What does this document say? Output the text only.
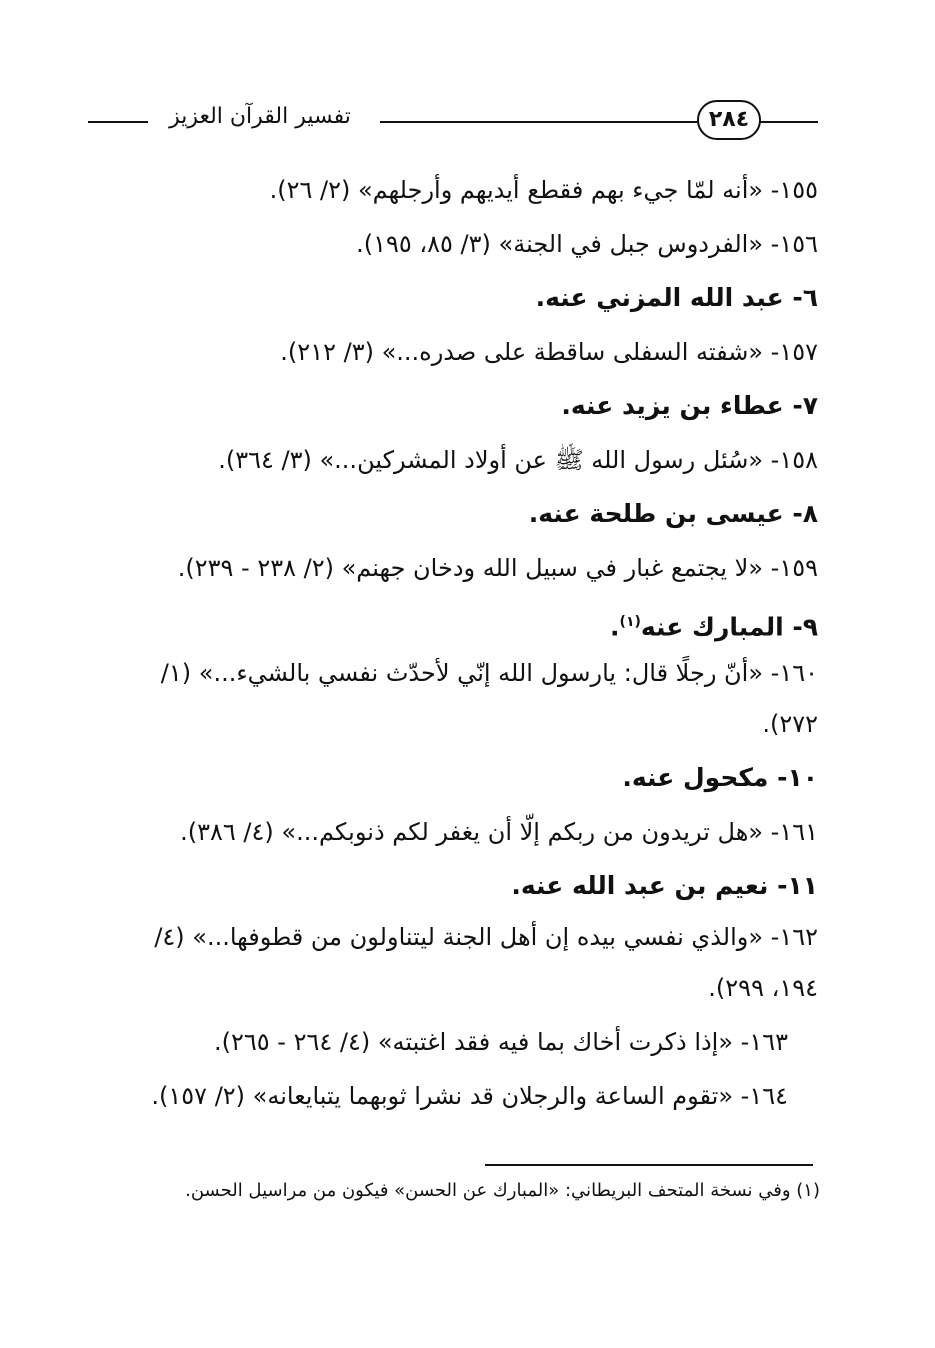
تفسير القرآن العزيز	٢٨٤
١٥٥- «أنه لمّا جيء بهم فقطع أيديهم وأرجلهم» (٢/ ٢٦).
١٥٦- «الفردوس جبل في الجنة» (٣/ ٨٥، ١٩٥).
٦- عبد الله المزني عنه.
١٥٧- «شفته السفلى ساقطة على صدره...» (٣/ ٢١٢).
٧- عطاء بن يزيد عنه.
١٥٨- «سُئل رسول الله ﷺ عن أولاد المشركين...» (٣/ ٣٦٤).
٨- عيسى بن طلحة عنه.
١٥٩- «لا يجتمع غبار في سبيل الله ودخان جهنم» (٢/ ٢٣٨ - ٢٣٩).
٩- المبارك عنه$^{(١)}$.
١٦٠- «أنّ رجلًا قال: يارسول الله إنّي لأحدّث نفسي بالشيء...» (١/
٢٧٢).
١٠- مكحول عنه.
١٦١- «هل تريدون من ربكم إلّا أن يغفر لكم ذنوبكم...» (٤/ ٣٨٦).
١١- نعيم بن عبد الله عنه.
١٦٢- «والذي نفسي بيده إن أهل الجنة ليتناولون من قطوفها...» (٤/
١٩٤، ٢٩٩).
١٦٣- «إذا ذكرت أخاك بما فيه فقد اغتبته» (٤/ ٢٦٤ - ٢٦٥).
١٦٤- «تقوم الساعة والرجلان قد نشرا ثوبهما يتبايعانه» (٢/ ١٥٧).
(١) وفي نسخة المتحف البريطاني: «المبارك عن الحسن» فيكون من مراسيل الحسن.
